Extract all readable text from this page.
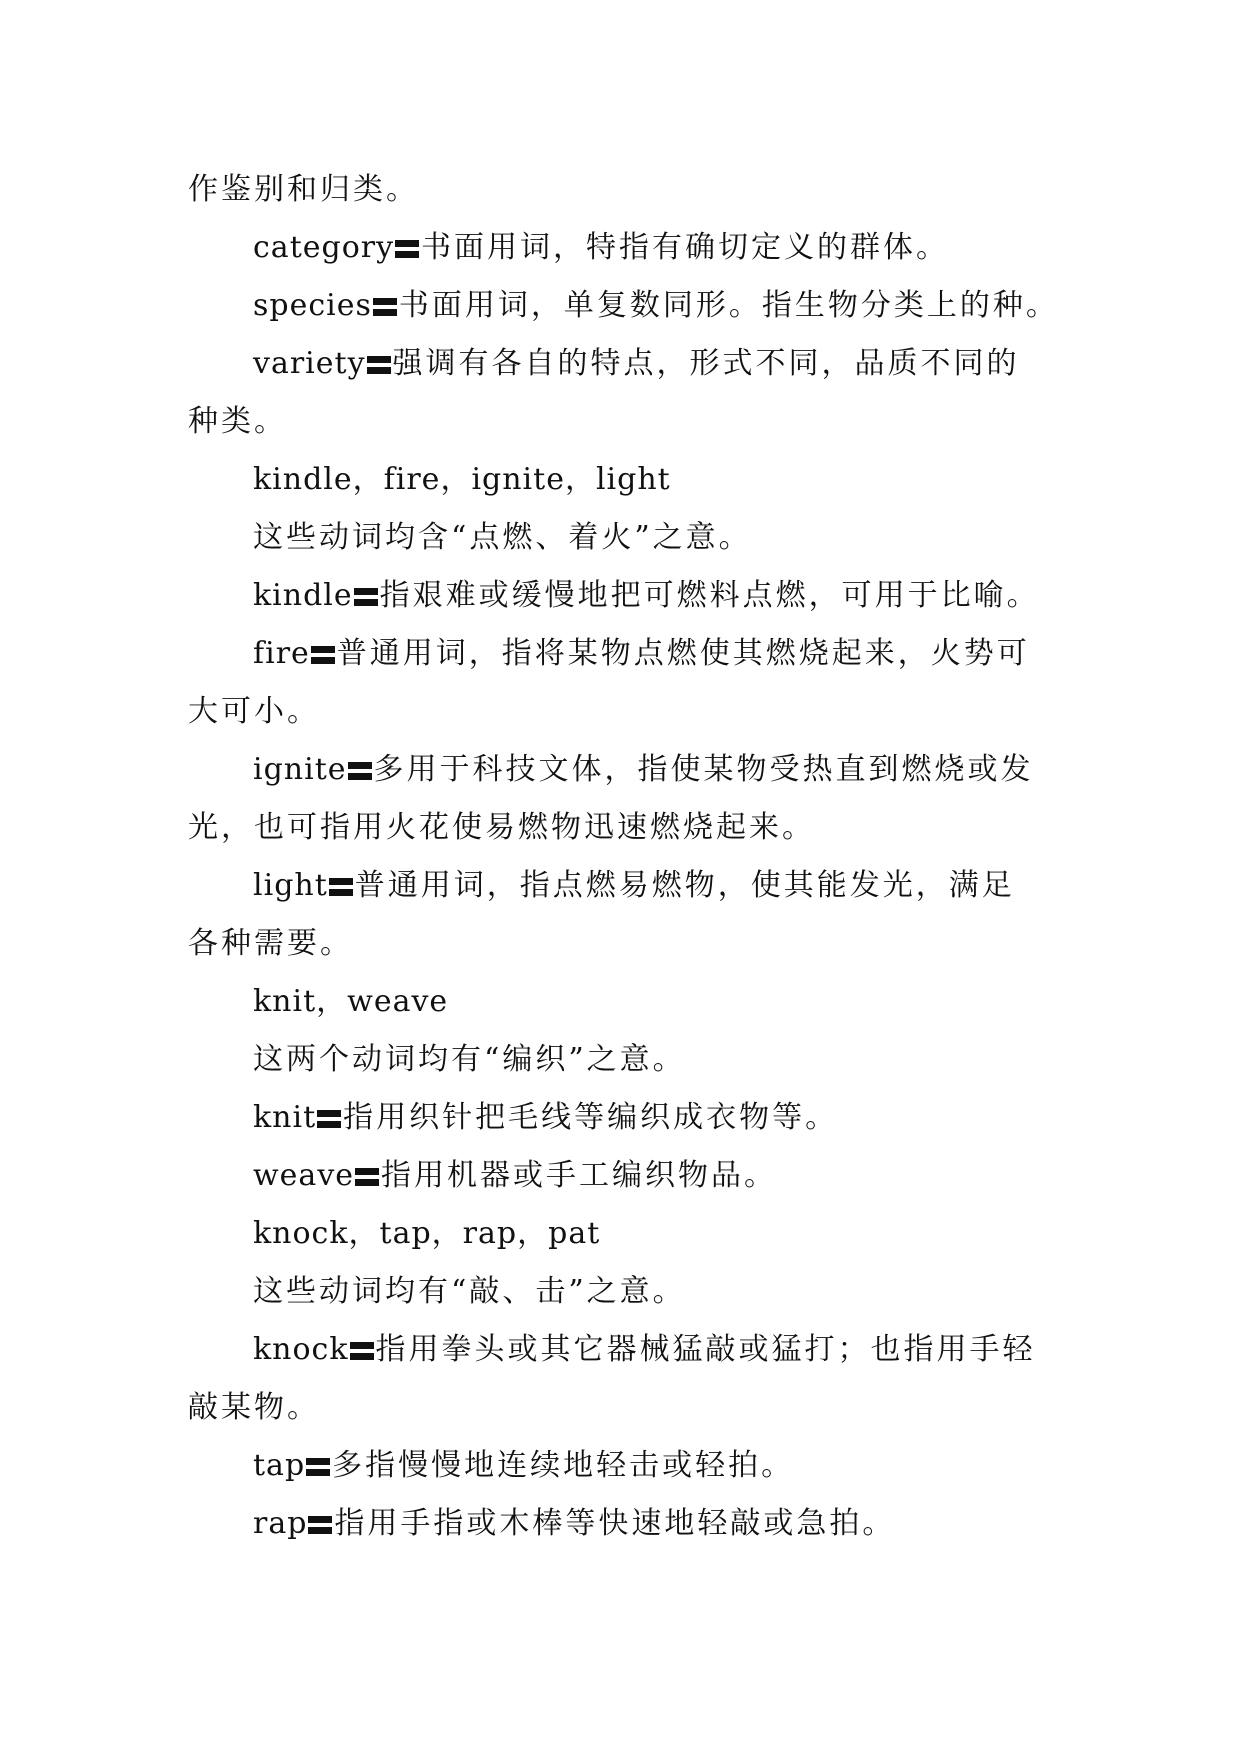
作鉴别和归类。
category 书面用词，特指有确切定义的群体。
species 书面用词，单复数同形。指生物分类上的种。
variety 强调有各自的特点，形式不同，品质不同的
种类。
kindle，fire，ignite，light
这些动词均含“点燃、着火”之意。
kindle 指艰难或缓慢地把可燃料点燃，可用于比喻。
fire 普通用词，指将某物点燃使其燃烧起来，火势可
大可小。
ignite 多用于科技文体，指使某物受热直到燃烧或发
光，也可指用火花使易燃物迅速燃烧起来。
light 普通用词，指点燃易燃物，使其能发光，满足
各种需要。
knit，weave
这两个动词均有“编织”之意。
knit 指用织针把毛线等编织成衣物等。
weave 指用机器或手工编织物品。
knock，tap，rap，pat
这些动词均有“敲、击”之意。
knock 指用拳头或其它器械猛敲或猛打；也指用手轻
敲某物。
tap 多指慢慢地连续地轻击或轻拍。
rap 指用手指或木棒等快速地轻敲或急拍。
